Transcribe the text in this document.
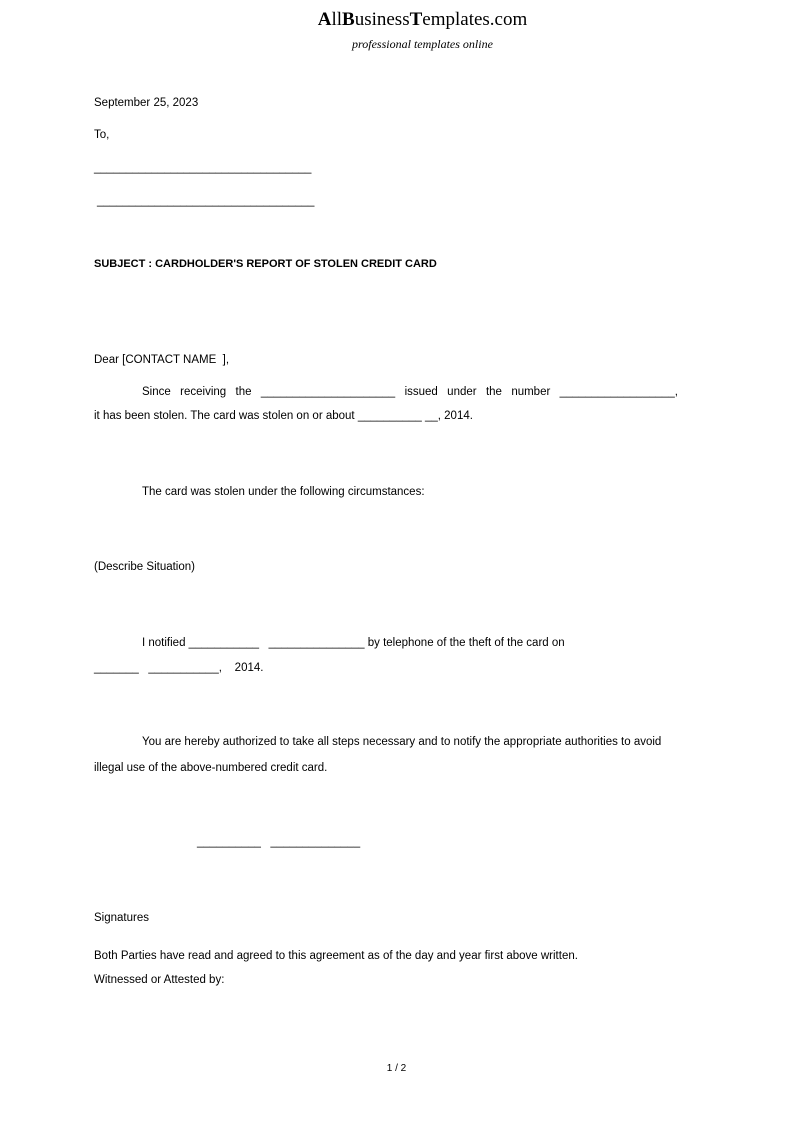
AllBusinessTemplates.com
professional templates online
September 25, 2023
To,
__________________________________
__________________________________
SUBJECT : CARDHOLDER'S REPORT OF STOLEN CREDIT CARD
Dear [CONTACT NAME  ],
Since receiving the _____________________ issued under the number __________________,
it has been stolen. The card was stolen on or about __________ __, 2014.
The card was stolen under the following circumstances:
(Describe Situation)
I notified ___________   _______________ by telephone of the theft of the card on
_______   ___________,    2014.
You are hereby authorized to take all steps necessary and to notify the appropriate authorities to avoid
illegal use of the above-numbered credit card.
__________   ______________
Signatures
Both Parties have read and agreed to this agreement as of the day and year first above written.
Witnessed or Attested by:
1 / 2
